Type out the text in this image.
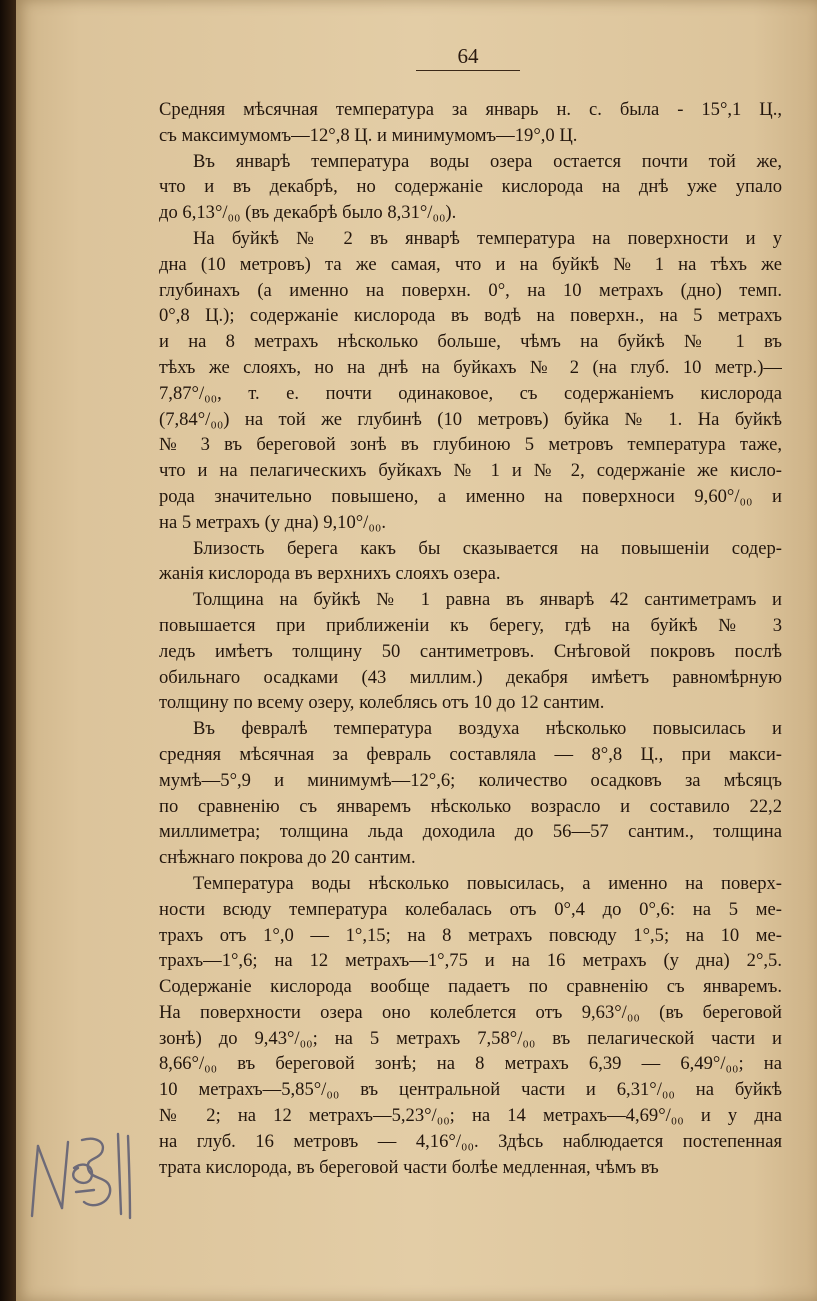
64
Средняя мѣсячная температура за январь н. с. была - 15°,1 Ц.,
съ максимумомъ—12°,8 Ц. и минимумомъ—19°,0 Ц.
Въ январѣ температура воды озера остается почти той же,
что и въ декабрѣ, но содержаніе кислорода на днѣ уже упало
до 6,13°/₀₀ (въ декабрѣ было 8,31°/₀₀).
На буйкѣ № 2 въ январѣ температура на поверхности и у
дна (10 метровъ) та же самая, что и на буйкѣ № 1 на тѣхъ же
глубинахъ (а именно на поверхн. 0°, на 10 метрахъ (дно) темп.
0°,8 Ц.); содержаніе кислорода въ водѣ на поверхн., на 5 метрахъ
и на 8 метрахъ нѣсколько больше, чѣмъ на буйкѣ № 1 въ
тѣхъ же слояхъ, но на днѣ на буйкахъ № 2 (на глуб. 10 метр.)—
7,87°/₀₀, т. е. почти одинаковое, съ содержаніемъ кислорода
(7,84°/₀₀) на той же глубинѣ (10 метровъ) буйка № 1. На буйкѣ
№ 3 въ береговой зонѣ въ глубиною 5 метровъ температура таже,
что и на пелагическихъ буйкахъ № 1 и № 2, содержаніе же кисло-
рода значительно повышено, а именно на поверхноси 9,60°/₀₀ и
на 5 метрахъ (у дна) 9,10°/₀₀.
Близость берега какъ бы сказывается на повышеніи содер-
жанія кислорода въ верхнихъ слояхъ озера.
Толщина на буйкѣ № 1 равна въ январѣ 42 сантиметрамъ и
повышается при приближеніи къ берегу, гдѣ на буйкѣ № 3
ледъ имѣетъ толщину 50 сантиметровъ. Снѣговой покровъ послѣ
обильнаго осадками (43 миллим.) декабря имѣетъ равномѣрную
толщину по всему озеру, колеблясь отъ 10 до 12 сантим.
Въ февралѣ температура воздуха нѣсколько повысилась и
средняя мѣсячная за февраль составляла — 8°,8 Ц., при макси-
мумѣ—5°,9 и минимумѣ—12°,6; количество осадковъ за мѣсяцъ
по сравненію съ январемъ нѣсколько возрасло и составило 22,2
миллиметра; толщина льда доходила до 56—57 сантим., толщина
снѣжнаго покрова до 20 сантим.
Температура воды нѣсколько повысилась, а именно на поверх-
ности всюду температура колебалась отъ 0°,4 до 0°,6: на 5 ме-
трахъ отъ 1°,0 — 1°,15; на 8 метрахъ повсюду 1°,5; на 10 ме-
трахъ—1°,6; на 12 метрахъ—1°,75 и на 16 метрахъ (у дна) 2°,5.
Содержаніе кислорода вообще падаетъ по сравненію съ январемъ.
На поверхности озера оно колеблется отъ 9,63°/₀₀ (въ береговой
зонѣ) до 9,43°/₀₀; на 5 метрахъ 7,58°/₀₀ въ пелагической части и
8,66°/₀₀ въ береговой зонѣ; на 8 метрахъ 6,39 — 6,49°/₀₀; на
10 метрахъ—5,85°/₀₀ въ центральной части и 6,31°/₀₀ на буйкѣ
№ 2; на 12 метрахъ—5,23°/₀₀; на 14 метрахъ—4,69°/₀₀ и у дна
на глуб. 16 метровъ — 4,16°/₀₀. Здѣсь наблюдается постепенная
трата кислорода, въ береговой части болѣе медленная, чѣмъ въ
